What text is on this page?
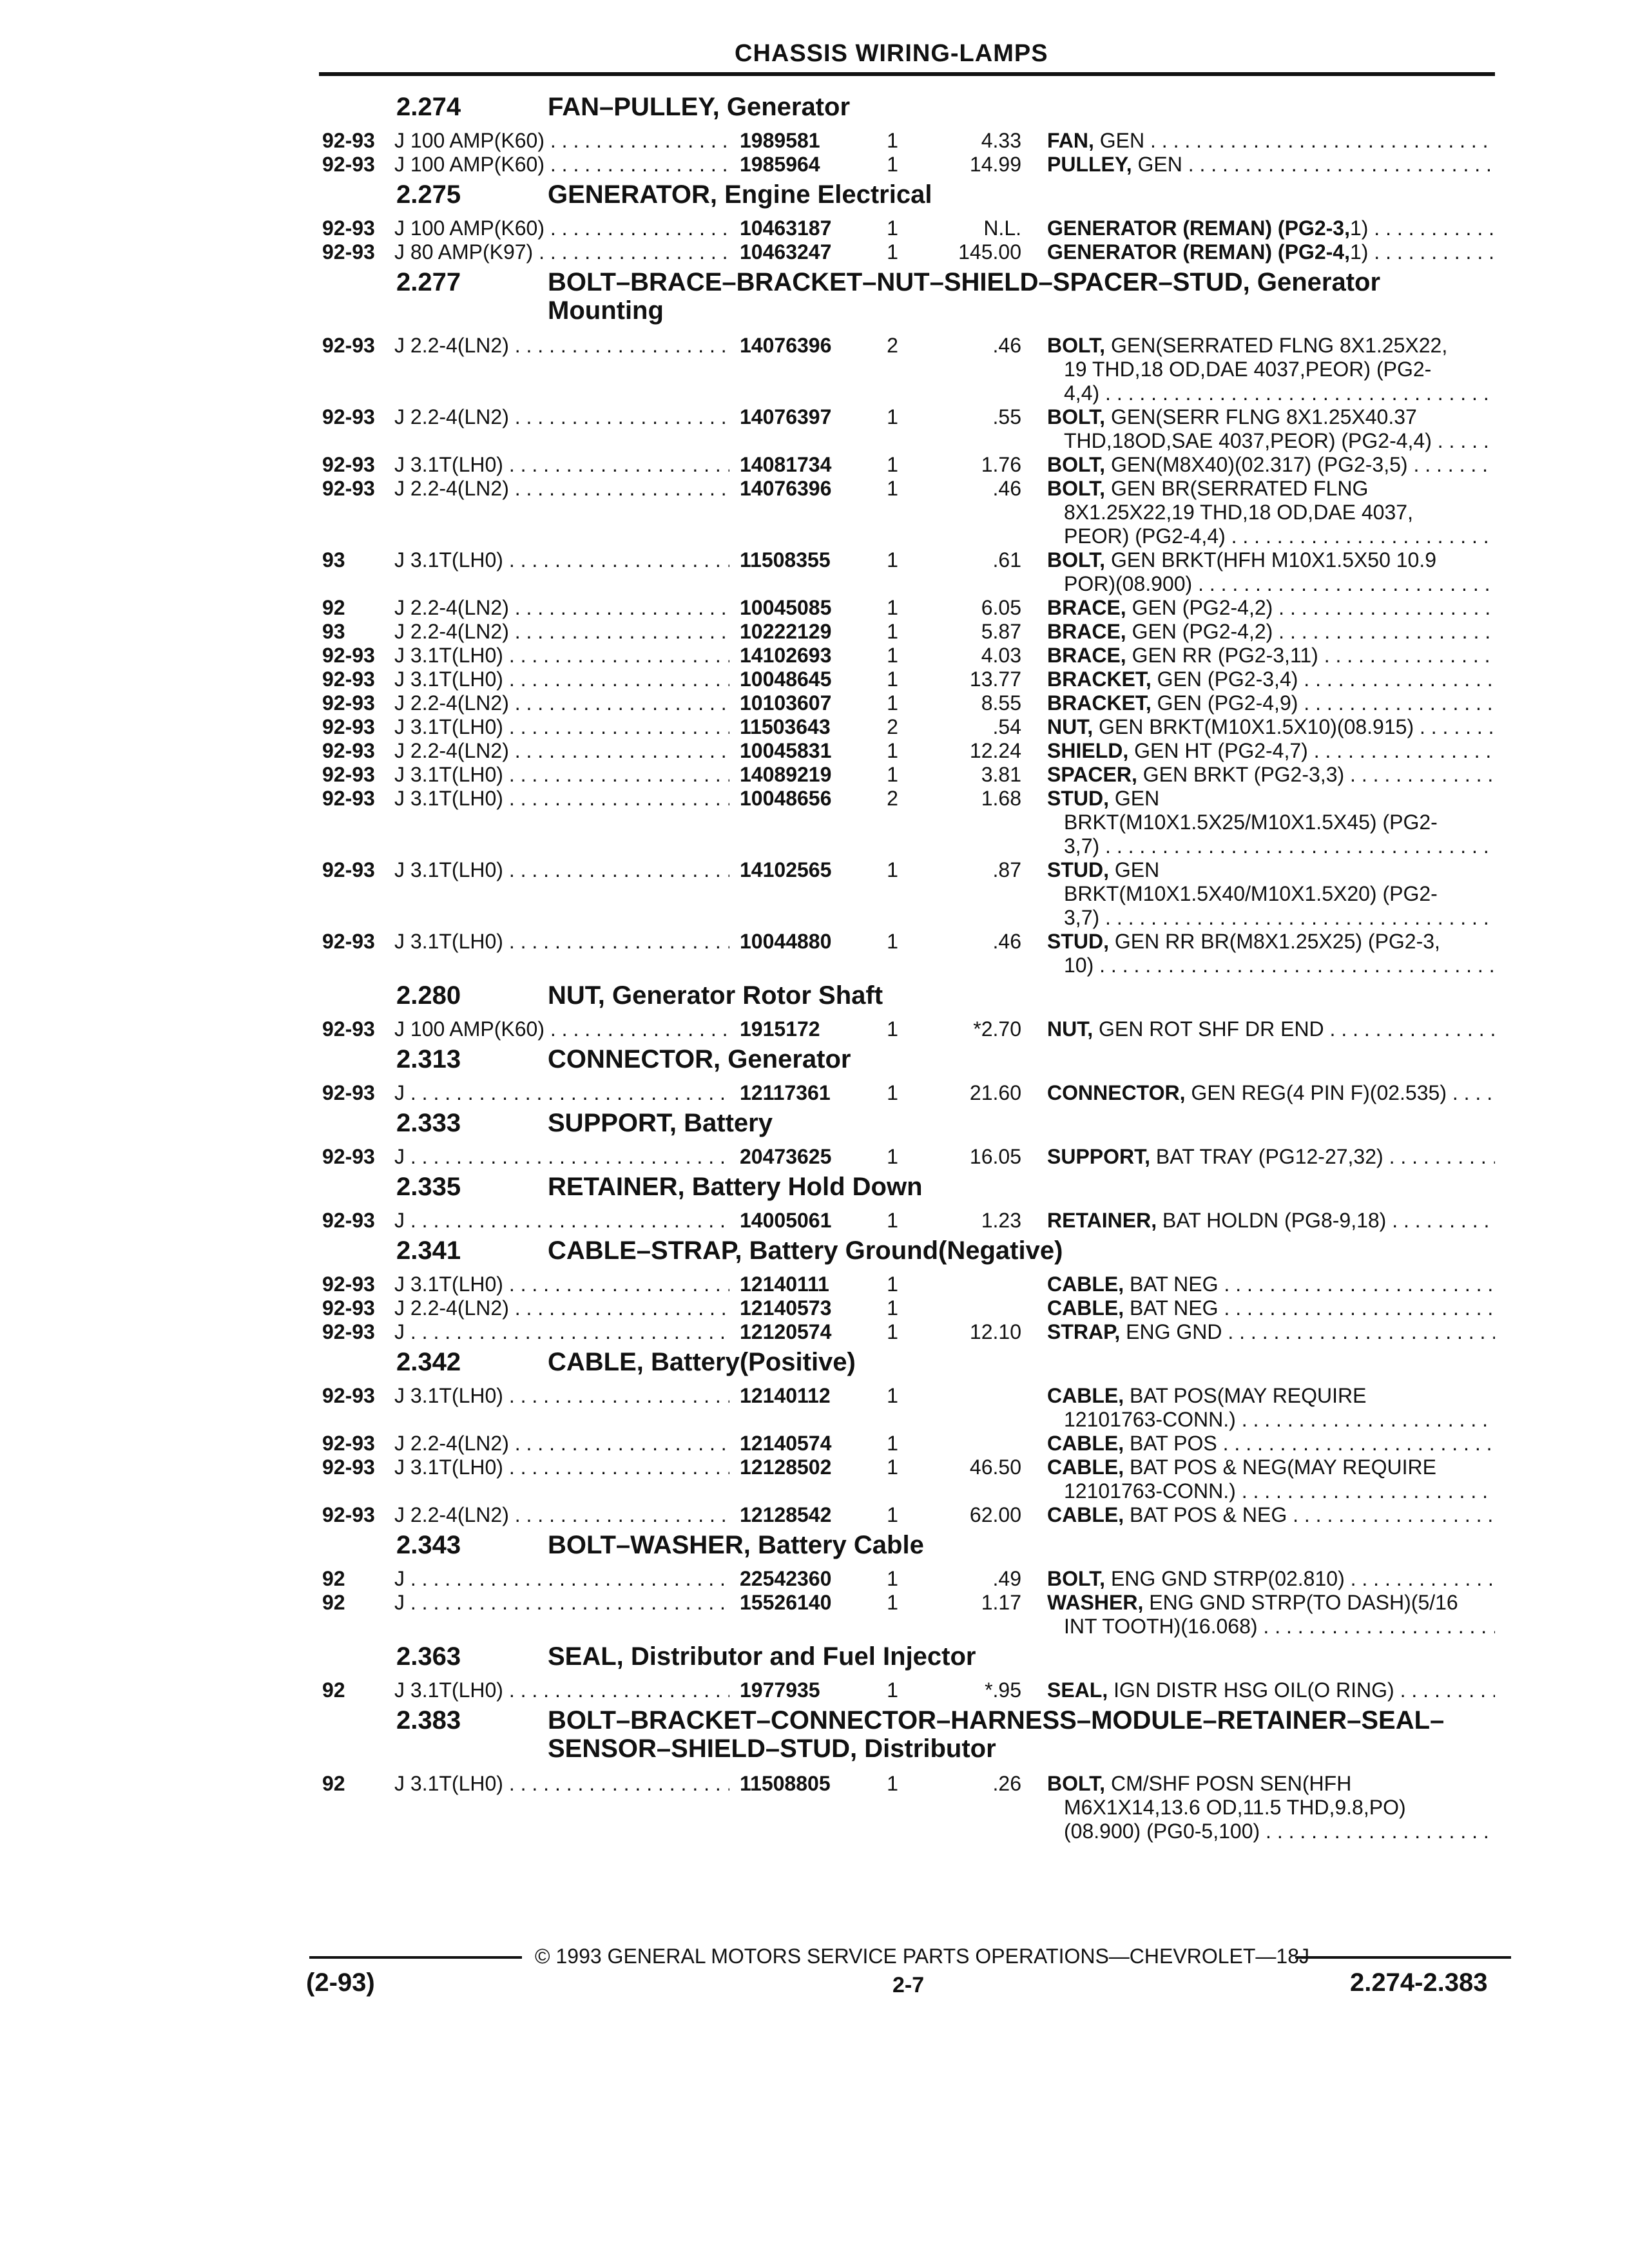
CHASSIS WIRING-LAMPS
2.274	FAN–PULLEY, Generator
92-93 J 100 AMP(K60) . . .	1989581	1	4.33 FAN, GEN . . .
92-93 J 100 AMP(K60) . . .	1985964	1	14.99 PULLEY, GEN . . .
2.275	GENERATOR, Engine Electrical
92-93 J 100 AMP(K60) . . .	10463187	1	N.L. GENERATOR (REMAN) (PG2-3,1) . . .
92-93 J 80 AMP(K97) . . .	10463247	1	145.00 GENERATOR (REMAN) (PG2-4,1) . . .
2.277	BOLT–BRACE–BRACKET–NUT–SHIELD–SPACER–STUD, Generator Mounting
92-93 J 2.2-4(LN2) . . .	14076396	2	.46 BOLT, GEN(SERRATED FLNG 8X1.25X22,
19 THD,18 OD,DAE 4037,PEOR) (PG2-
4,4) . . .
92-93 J 2.2-4(LN2) . . .	14076397	1	.55 BOLT, GEN(SERR FLNG 8X1.25X40.37
THD,18OD,SAE 4037,PEOR) (PG2-4,4) . . .
92-93 J 3.1T(LH0) . . .	14081734	1	1.76 BOLT, GEN(M8X40)(02.317) (PG2-3,5) . . .
92-93 J 2.2-4(LN2) . . .	14076396	1	.46 BOLT, GEN BR(SERRATED FLNG
8X1.25X22,19 THD,18 OD,DAE 4037,
PEOR) (PG2-4,4) . . .
93 J 3.1T(LH0) . . .	11508355	1	.61 BOLT, GEN BRKT(HFH M10X1.5X50 10.9
POR)(08.900) . . .
92 J 2.2-4(LN2) . . .	10045085	1	6.05 BRACE, GEN (PG2-4,2) . . .
93 J 2.2-4(LN2) . . .	10222129	1	5.87 BRACE, GEN (PG2-4,2) . . .
92-93 J 3.1T(LH0) . . .	14102693	1	4.03 BRACE, GEN RR (PG2-3,11) . . .
92-93 J 3.1T(LH0) . . .	10048645	1	13.77 BRACKET, GEN (PG2-3,4) . . .
92-93 J 2.2-4(LN2) . . .	10103607	1	8.55 BRACKET, GEN (PG2-4,9) . . .
92-93 J 3.1T(LH0) . . .	11503643	2	.54 NUT, GEN BRKT(M10X1.5X10)(08.915) . . .
92-93 J 2.2-4(LN2) . . .	10045831	1	12.24 SHIELD, GEN HT (PG2-4,7) . . .
92-93 J 3.1T(LH0) . . .	14089219	1	3.81 SPACER, GEN BRKT (PG2-3,3) . . .
92-93 J 3.1T(LH0) . . .	10048656	2	1.68 STUD, GEN
BRKT(M10X1.5X25/M10X1.5X45) (PG2-
3,7) . . .
92-93 J 3.1T(LH0) . . .	14102565	1	.87 STUD, GEN
BRKT(M10X1.5X40/M10X1.5X20) (PG2-
3,7) . . .
92-93 J 3.1T(LH0) . . .	10044880	1	.46 STUD, GEN RR BR(M8X1.25X25) (PG2-3,
10) . . .
2.280	NUT, Generator Rotor Shaft
92-93 J 100 AMP(K60) . . .	1915172	1	*2.70 NUT, GEN ROT SHF DR END . . .
2.313	CONNECTOR, Generator
92-93 J . . .	12117361	1	21.60 CONNECTOR, GEN REG(4 PIN F)(02.535) . . .
2.333	SUPPORT, Battery
92-93 J . . .	20473625	1	16.05 SUPPORT, BAT TRAY (PG12-27,32) . . .
2.335	RETAINER, Battery Hold Down
92-93 J . . .	14005061	1	1.23 RETAINER, BAT HOLDN (PG8-9,18) . . .
2.341	CABLE–STRAP, Battery Ground(Negative)
92-93 J 3.1T(LH0) . . .	12140111	1	CABLE, BAT NEG . . .
92-93 J 2.2-4(LN2) . . .	12140573	1	CABLE, BAT NEG . . .
92-93 J . . .	12120574	1	12.10 STRAP, ENG GND . . .
2.342	CABLE, Battery(Positive)
92-93 J 3.1T(LH0) . . .	12140112	1	CABLE, BAT POS(MAY REQUIRE
12101763-CONN.) . . .
92-93 J 2.2-4(LN2) . . .	12140574	1	CABLE, BAT POS . . .
92-93 J 3.1T(LH0) . . .	12128502	1	46.50 CABLE, BAT POS & NEG(MAY REQUIRE
12101763-CONN.) . . .
92-93 J 2.2-4(LN2) . . .	12128542	1	62.00 CABLE, BAT POS & NEG . . .
2.343	BOLT–WASHER, Battery Cable
92 J . . .	22542360	1	.49 BOLT, ENG GND STRP(02.810) . . .
92 J . . .	15526140	1	1.17 WASHER, ENG GND STRP(TO DASH)(5/16
INT TOOTH)(16.068) . . .
2.363	SEAL, Distributor and Fuel Injector
92 J 3.1T(LH0) . . .	1977935	1	*.95 SEAL, IGN DISTR HSG OIL(O RING) . . .
2.383	BOLT–BRACKET–CONNECTOR–HARNESS–MODULE–RETAINER–SEAL–SENSOR–SHIELD–STUD, Distributor
92 J 3.1T(LH0) . . .	11508805	1	.26 BOLT, CM/SHF POSN SEN(HFH
M6X1X14,13.6 OD,11.5 THD,9.8,PO)
(08.900) (PG0-5,100) . . .
© 1993 GENERAL MOTORS SERVICE PARTS OPERATIONS—CHEVROLET—18J
(2-93)	2-7	2.274-2.383
